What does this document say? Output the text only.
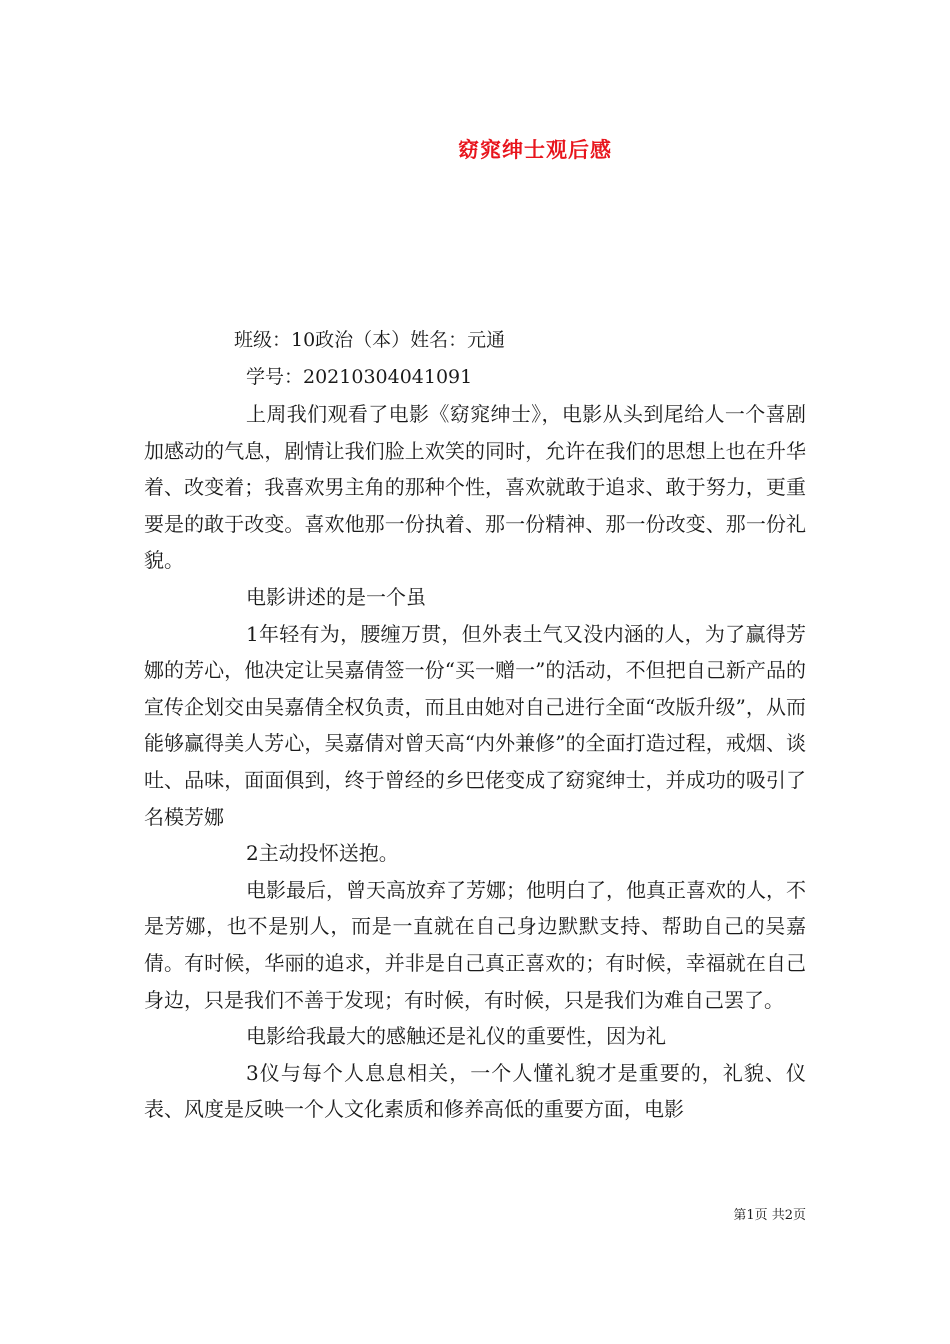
窈窕绅士观后感
班级：10政治（本）姓名：元通
学号：20210304041091

上周我们观看了电影《窈窕绅士》，电影从头到尾给人一个喜剧加感动的气息，剧情让我们脸上欢笑的同时，允许在我们的思想上也在升华着、改变着；我喜欢男主角的那种个性，喜欢就敢于追求、敢于努力，更重要是的敢于改变。喜欢他那一份执着、那一份精神、那一份改变、那一份礼貌。

电影讲述的是一个虽

1年轻有为，腰缠万贯，但外表土气又没内涵的人，为了赢得芳娜的芳心，他决定让吴嘉倩签一份“买一赠一”的活动，不但把自己新产品的宣传企划交由吴嘉倩全权负责，而且由她对自己进行全面“改版升级”，从而能够赢得美人芳心，吴嘉倩对曾天高“内外兼修”的全面打造过程，戒烟、谈吐、品味，面面俱到，终于曾经的乡巴佬变成了窈窕绅士，并成功的吸引了名模芳娜

2主动投怀送抱。

电影最后，曾天高放弃了芳娜；他明白了，他真正喜欢的人，不是芳娜，也不是别人，而是一直就在自己身边默默支持、帮助自己的吴嘉倩。有时候，华丽的追求，并非是自己真正喜欢的；有时候，幸福就在自己身边，只是我们不善于发现；有时候，有时候，只是我们为难自己罢了。

电影给我最大的感触还是礼仪的重要性，因为礼

3仪与每个人息息相关，一个人懂礼貌才是重要的，礼貌、仪表、风度是反映一个人文化素质和修养高低的重要方面，电影

第1页 共2页
